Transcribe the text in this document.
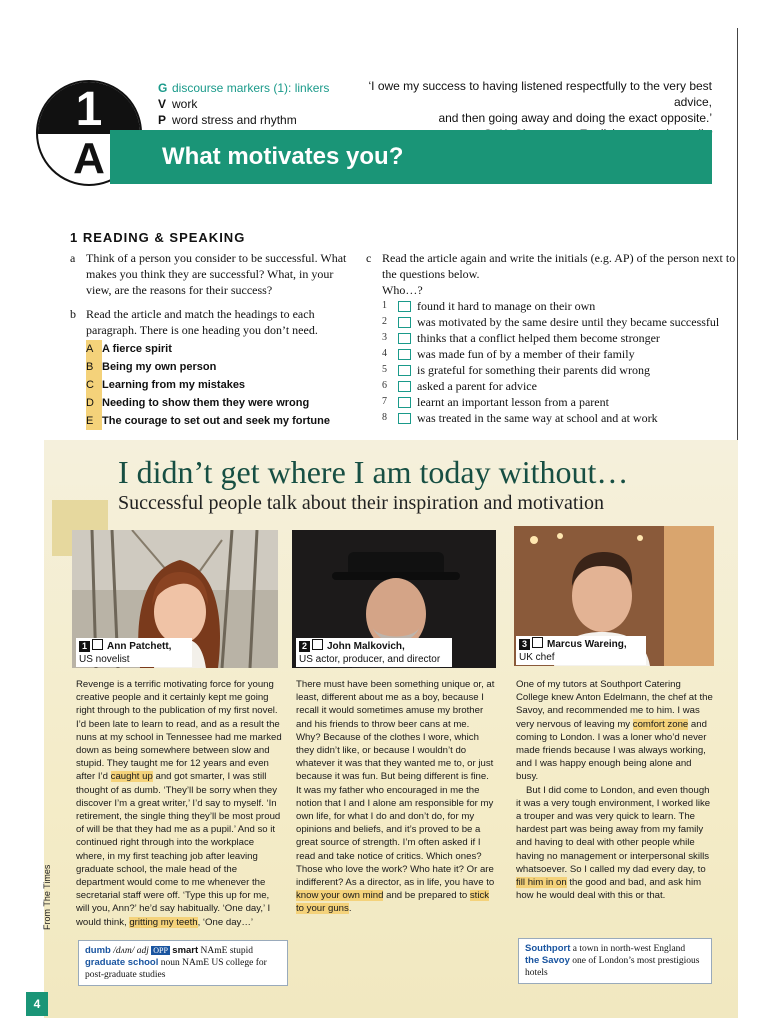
1
A
G discourse markers (1): linkers
V work
P word stress and rhythm
‘I owe my success to having listened respectfully to the very best advice,
and then going away and doing the exact opposite.’
What motivates you?
1 READING & SPEAKING
a Think of a person you consider to be successful. What makes you think they are successful? What, in your view, are the reasons for their success?
b Read the article and match the headings to each paragraph. There is one heading you don’t need.
A A fierce spirit
B Being my own person
C Learning from my mistakes
D Needing to show them they were wrong
E The courage to set out and seek my fortune
c Read the article again and write the initials (e.g. AP) of the person next to the questions below.
Who…?
1	found it hard to manage on their own
2	was motivated by the same desire until they became successful
3	thinks that a conflict helped them become stronger
4	was made fun of by a member of their family
5	is grateful for something their parents did wrong
6	asked a parent for advice
7	learnt an important lesson from a parent
8	was treated in the same way at school and at work
I didn’t get where I am today without…
Successful people talk about their inspiration and motivation
1 Ann Patchett,
US novelist
2 John Malkovich,
US actor, producer, and director
3 Marcus Wareing,
UK chef
Revenge is a terrific motivating force for young creative people and it certainly kept me going right through to the publication of my first novel. I’d been late to learn to read, and as a result the nuns at my school in Tennessee had me marked down as being somewhere between slow and stupid. They taught me for 12 years and even after I’d caught up and got smarter, I was still thought of as dumb. ‘They’ll be sorry when they discover I’m a great writer,’ I’d say to myself. ‘In retirement, the single thing they’ll be most proud of will be that they had me as a pupil.’ And so it continued right through into the workplace where, in my first teaching job after leaving graduate school, the male head of the department would come to me whenever the secretarial staff were off. ‘Type this up for me, will you, Ann?’ he’d say habitually. ‘One day,’ I would think, gritting my teeth, ‘One day…’
There must have been something unique or, at least, different about me as a boy, because I recall it would sometimes amuse my brother and his friends to throw beer cans at me. Why? Because of the clothes I wore, which they didn’t like, or because I wouldn’t do whatever it was that they wanted me to, or just because it was fun. But being different is fine. It was my father who encouraged in me the notion that I and I alone am responsible for my own life, for what I do and don’t do, for my opinions and beliefs, and it’s proved to be a great source of strength. I’m often asked if I read and take notice of critics. Which ones? Those who love the work? Who hate it? Or are indifferent? As a director, as in life, you have to know your own mind and be prepared to stick to your guns.
One of my tutors at Southport Catering College knew Anton Edelmann, the chef at the Savoy, and recommended me to him. I was very nervous of leaving my comfort zone and coming to London. I was a loner who’d never made friends because I was always working, and I was happy enough being alone and busy.
But I did come to London, and even though it was a very tough environment, I worked like a trouper and was very quick to learn. The hardest part was being away from my family and having to deal with other people while having no management or interpersonal skills whatsoever. So I called my dad every day, to fill him in on the good and bad, and ask him how he would deal with this or that.
dumb /dʌm/ adj OPP smart NAmE stupid
graduate school noun NAmE US college for post-graduate studies
Southport a town in north-west England
the Savoy one of London’s most prestigious hotels
From The Times
4
